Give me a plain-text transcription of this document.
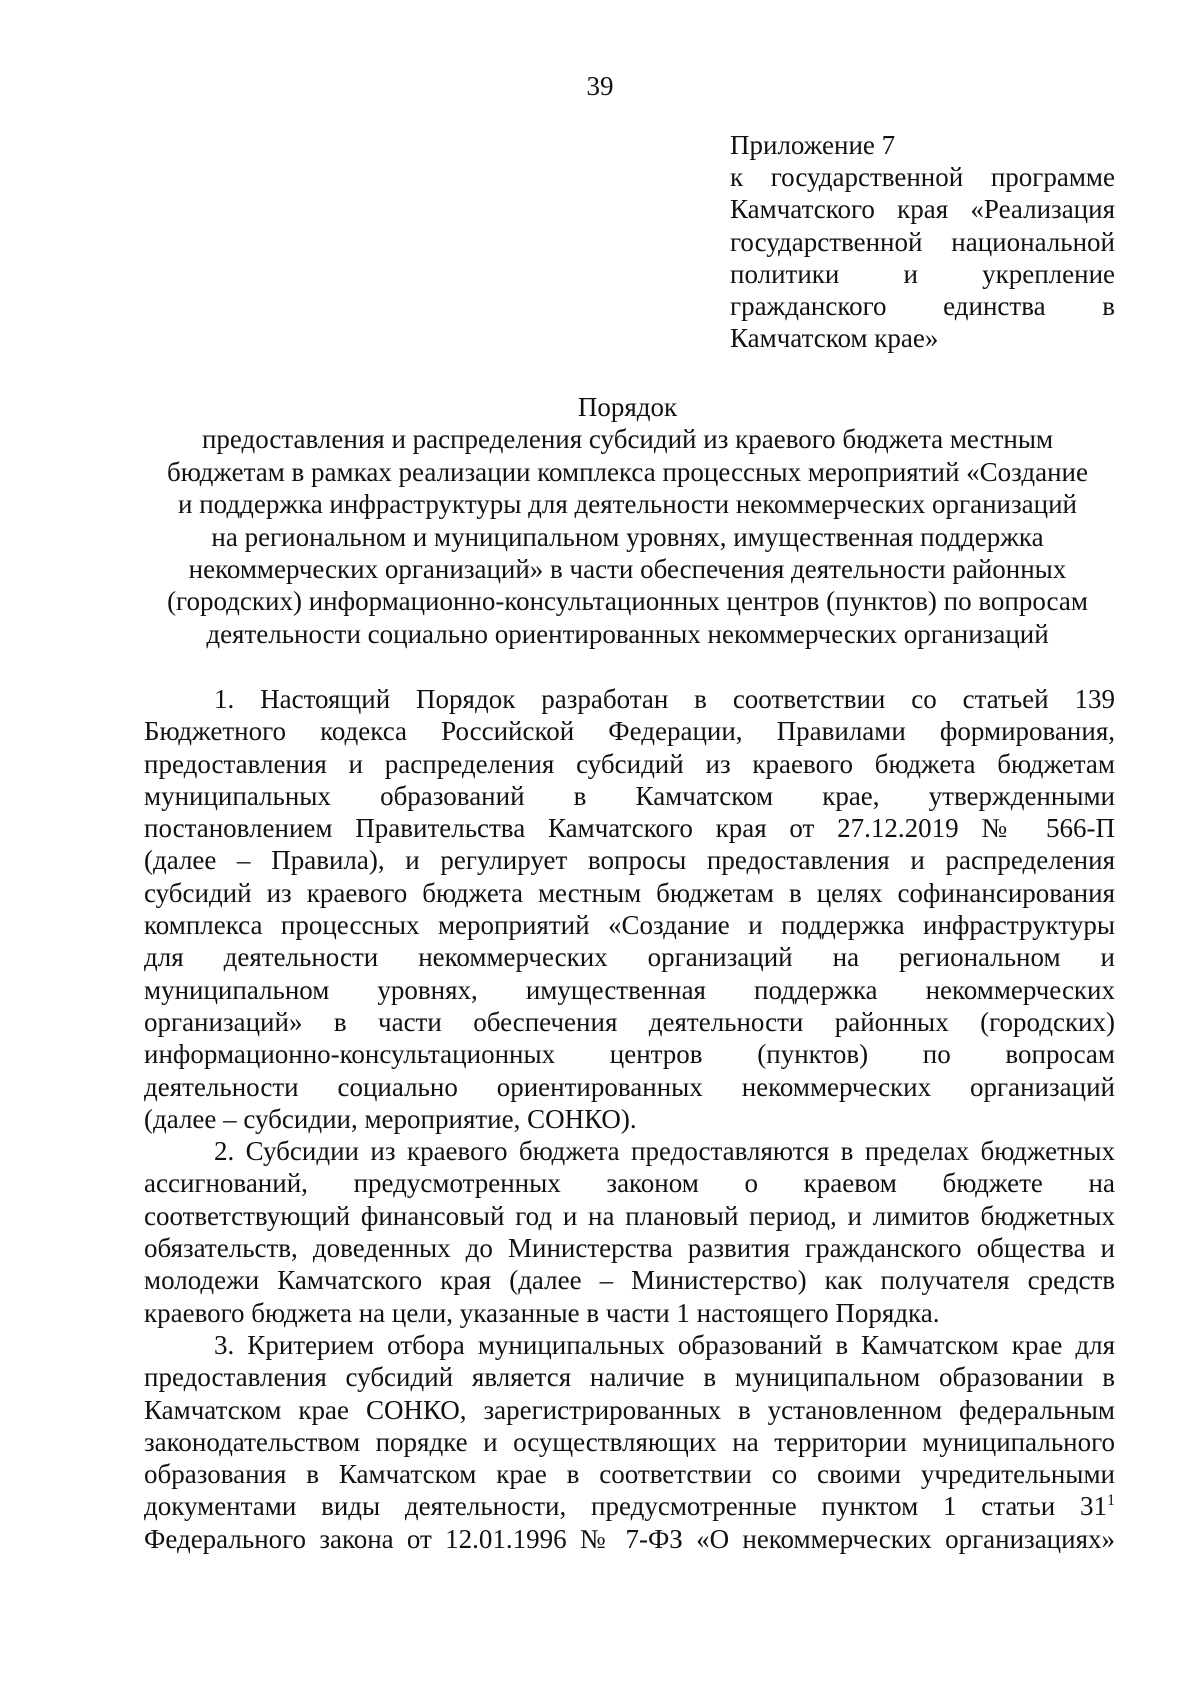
39
Приложение 7
к государственной программе
Камчатского края «Реализация
государственной национальной
политики и укрепление
гражданского единства в
Камчатском крае»
Порядок
предоставления и распределения субсидий из краевого бюджета местным
бюджетам в рамках реализации комплекса процессных мероприятий «Создание
и поддержка инфраструктуры для деятельности некоммерческих организаций
на региональном и муниципальном уровнях, имущественная поддержка
некоммерческих организаций» в части обеспечения деятельности районных
(городских) информационно-консультационных центров (пунктов) по вопросам
деятельности социально ориентированных некоммерческих организаций
1. Настоящий Порядок разработан в соответствии со статьей 139
Бюджетного кодекса Российской Федерации, Правилами формирования,
предоставления и распределения субсидий из краевого бюджета бюджетам
муниципальных образований в Камчатском крае, утвержденными
постановлением Правительства Камчатского края от 27.12.2019 № 566-П
(далее – Правила), и регулирует вопросы предоставления и распределения
субсидий из краевого бюджета местным бюджетам в целях софинансирования
комплекса процессных мероприятий «Создание и поддержка инфраструктуры
для деятельности некоммерческих организаций на региональном и
муниципальном уровнях, имущественная поддержка некоммерческих
организаций» в части обеспечения деятельности районных (городских)
информационно-консультационных центров (пунктов) по вопросам
деятельности социально ориентированных некоммерческих организаций
(далее – субсидии, мероприятие, СОНКО).
2. Субсидии из краевого бюджета предоставляются в пределах бюджетных
ассигнований, предусмотренных законом о краевом бюджете на
соответствующий финансовый год и на плановый период, и лимитов бюджетных
обязательств, доведенных до Министерства развития гражданского общества и
молодежи Камчатского края (далее – Министерство) как получателя средств
краевого бюджета на цели, указанные в части 1 настоящего Порядка.
3. Критерием отбора муниципальных образований в Камчатском крае для
предоставления субсидий является наличие в муниципальном образовании в
Камчатском крае СОНКО, зарегистрированных в установленном федеральным
законодательством порядке и осуществляющих на территории муниципального
образования в Камчатском крае в соответствии со своими учредительными
документами виды деятельности, предусмотренные пунктом 1 статьи $31^1$
Федерального закона от 12.01.1996 № 7-ФЗ «О некоммерческих организациях»
